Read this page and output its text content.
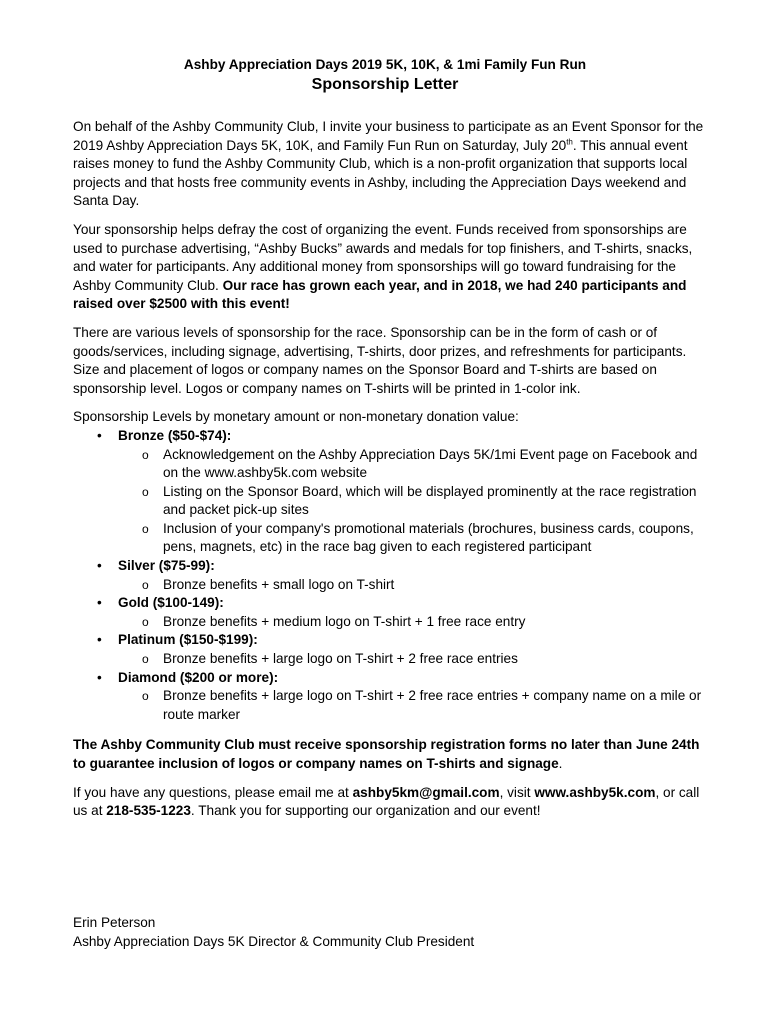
Ashby Appreciation Days 2019 5K, 10K, & 1mi Family Fun Run
Sponsorship Letter

On behalf of the Ashby Community Club, I invite your business to participate as an Event Sponsor for the 2019 Ashby Appreciation Days 5K, 10K, and Family Fun Run on Saturday, July 20th. This annual event raises money to fund the Ashby Community Club, which is a non-profit organization that supports local projects and that hosts free community events in Ashby, including the Appreciation Days weekend and Santa Day.

Your sponsorship helps defray the cost of organizing the event. Funds received from sponsorships are used to purchase advertising, “Ashby Bucks” awards and medals for top finishers, and T-shirts, snacks, and water for participants. Any additional money from sponsorships will go toward fundraising for the Ashby Community Club. Our race has grown each year, and in 2018, we had 240 participants and raised over $2500 with this event!

There are various levels of sponsorship for the race. Sponsorship can be in the form of cash or of goods/services, including signage, advertising, T-shirts, door prizes, and refreshments for participants. Size and placement of logos or company names on the Sponsor Board and T-shirts are based on sponsorship level. Logos or company names on T-shirts will be printed in 1-color ink.

Sponsorship Levels by monetary amount or non-monetary donation value:
• Bronze ($50-$74):
o Acknowledgement on the Ashby Appreciation Days 5K/1mi Event page on Facebook and on the www.ashby5k.com website
o Listing on the Sponsor Board, which will be displayed prominently at the race registration and packet pick-up sites
o Inclusion of your company's promotional materials (brochures, business cards, coupons, pens, magnets, etc) in the race bag given to each registered participant
• Silver ($75-99):
o Bronze benefits + small logo on T-shirt
• Gold ($100-149):
o Bronze benefits + medium logo on T-shirt + 1 free race entry
• Platinum ($150-$199):
o Bronze benefits + large logo on T-shirt + 2 free race entries
• Diamond ($200 or more):
o Bronze benefits + large logo on T-shirt + 2 free race entries + company name on a mile or route marker

The Ashby Community Club must receive sponsorship registration forms no later than June 24th to guarantee inclusion of logos or company names on T-shirts and signage.

If you have any questions, please email me at ashby5km@gmail.com, visit www.ashby5k.com, or call us at 218-535-1223. Thank you for supporting our organization and our event!

Erin Peterson
Ashby Appreciation Days 5K Director & Community Club President
